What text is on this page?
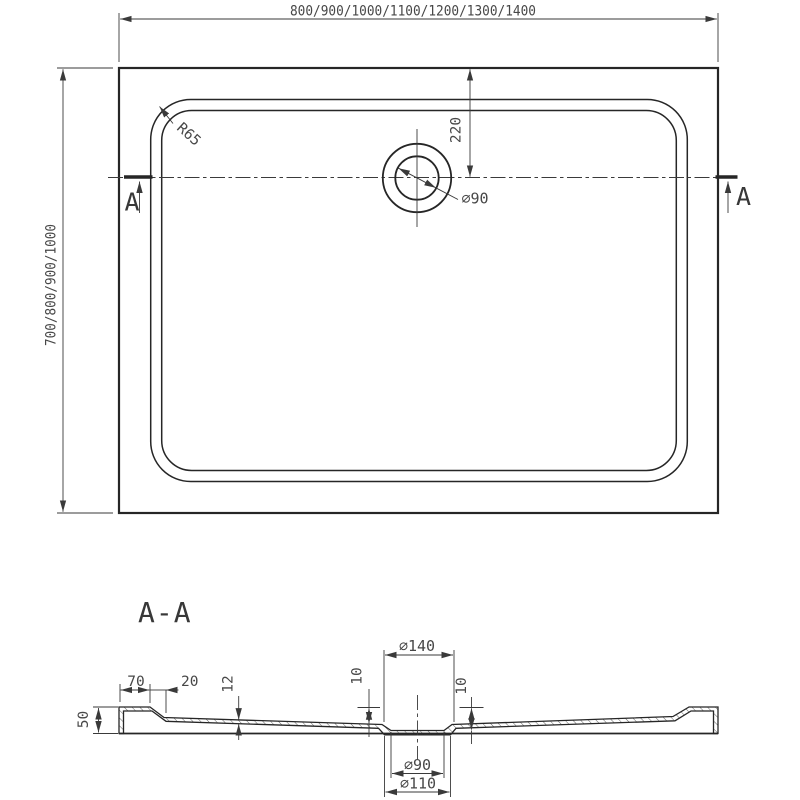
⌀90
R65	220
800/900/1000/1100/1200/1300/1400
700/800/900/1000
A	A
A-A
50
70	20 12	10
10
⌀140
⌀90
⌀110
